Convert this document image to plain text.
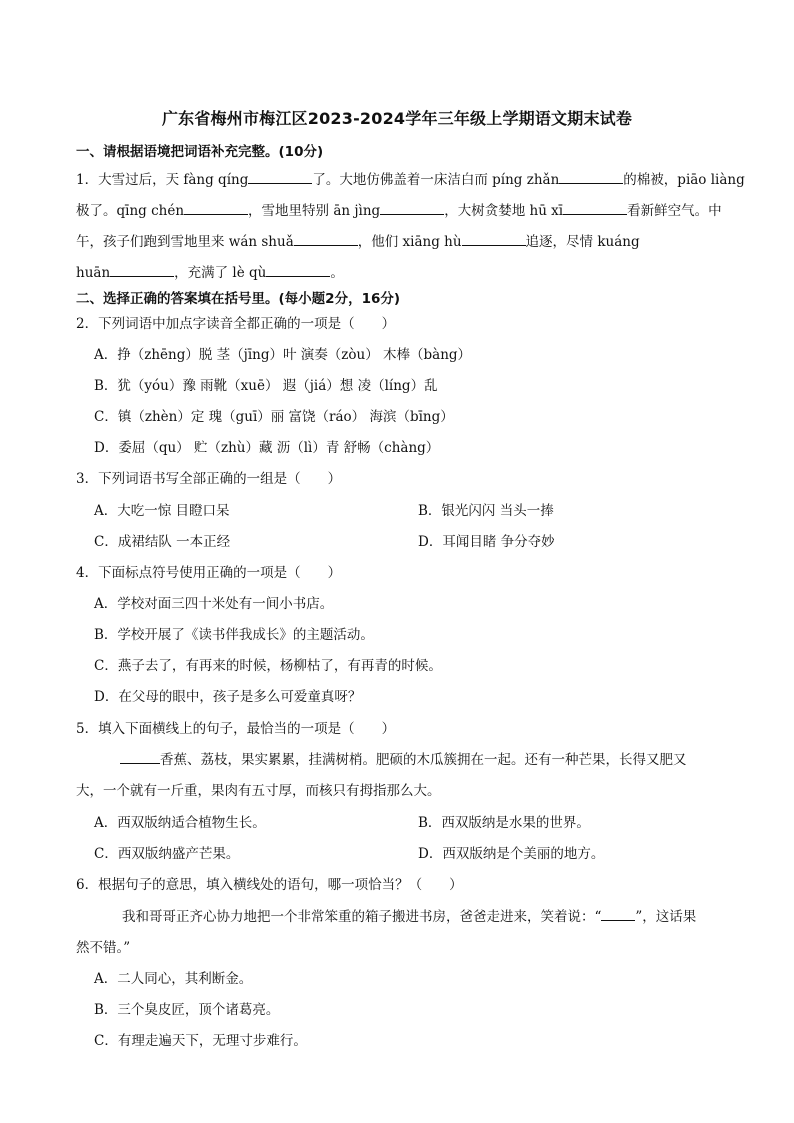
广东省梅州市梅江区2023-2024学年三年级上学期语文期末试卷
一、请根据语境把词语补充完整。(10分)
1．大雪过后，天 fàng qíng	了。大地仿佛盖着一床洁白而 píng zhǎn	的棉被，piāo liàng
极了。qīng chén	，雪地里特别 ān jìng	，大树贪婪地 hū xī	看新鲜空气。中
午，孩子们跑到雪地里来 wán shuǎ	，他们 xiāng hù	追逐，尽情 kuáng
huān	，充满了 lè qù	。
二、选择正确的答案填在括号里。(每小题2分，16分)
2．下列词语中加点字读音全都正确的一项是（　　）
A．挣（zhēng）脱 茎（jīng）叶 演奏（zòu） 木棒（bàng）
B．犹（yóu）豫 雨靴（xuē） 遐（jiá）想 凌（líng）乱
C．镇（zhèn）定 瑰（guī）丽 富饶（ráo） 海滨（bīng）
D．委屈（qu） 贮（zhù）藏 沥（lì）青 舒畅（chàng）
3．下列词语书写全部正确的一组是（　　）
A．大吃一惊 目瞪口呆	B．银光闪闪 当头一捧
C．成裙结队 一本正经	D．耳闻目睹 争分夺妙
4．下面标点符号使用正确的一项是（　　）
A．学校对面三四十米处有一间小书店。
B．学校开展了《读书伴我成长》的主题活动。
C．燕子去了，有再来的时候，杨柳枯了，有再青的时候。
D．在父母的眼中，孩子是多么可爱童真呀？
5．填入下面横线上的句子，最恰当的一项是（　　）
香蕉、荔枝，果实累累，挂满树梢。肥硕的木瓜簇拥在一起。还有一种芒果，长得又肥又
大，一个就有一斤重，果肉有五寸厚，而核只有拇指那么大。
A．西双版纳适合植物生长。	B．西双版纳是水果的世界。
C．西双版纳盛产芒果。	D．西双版纳是个美丽的地方。
6．根据句子的意思，填入横线处的语句，哪一项恰当？（　　）
我和哥哥正齐心协力地把一个非常笨重的箱子搬进书房，爸爸走进来，笑着说：“	”，这话果
然不错。”
A．二人同心，其利断金。
B．三个臭皮匠，顶个诸葛亮。
C．有理走遍天下，无理寸步难行。
